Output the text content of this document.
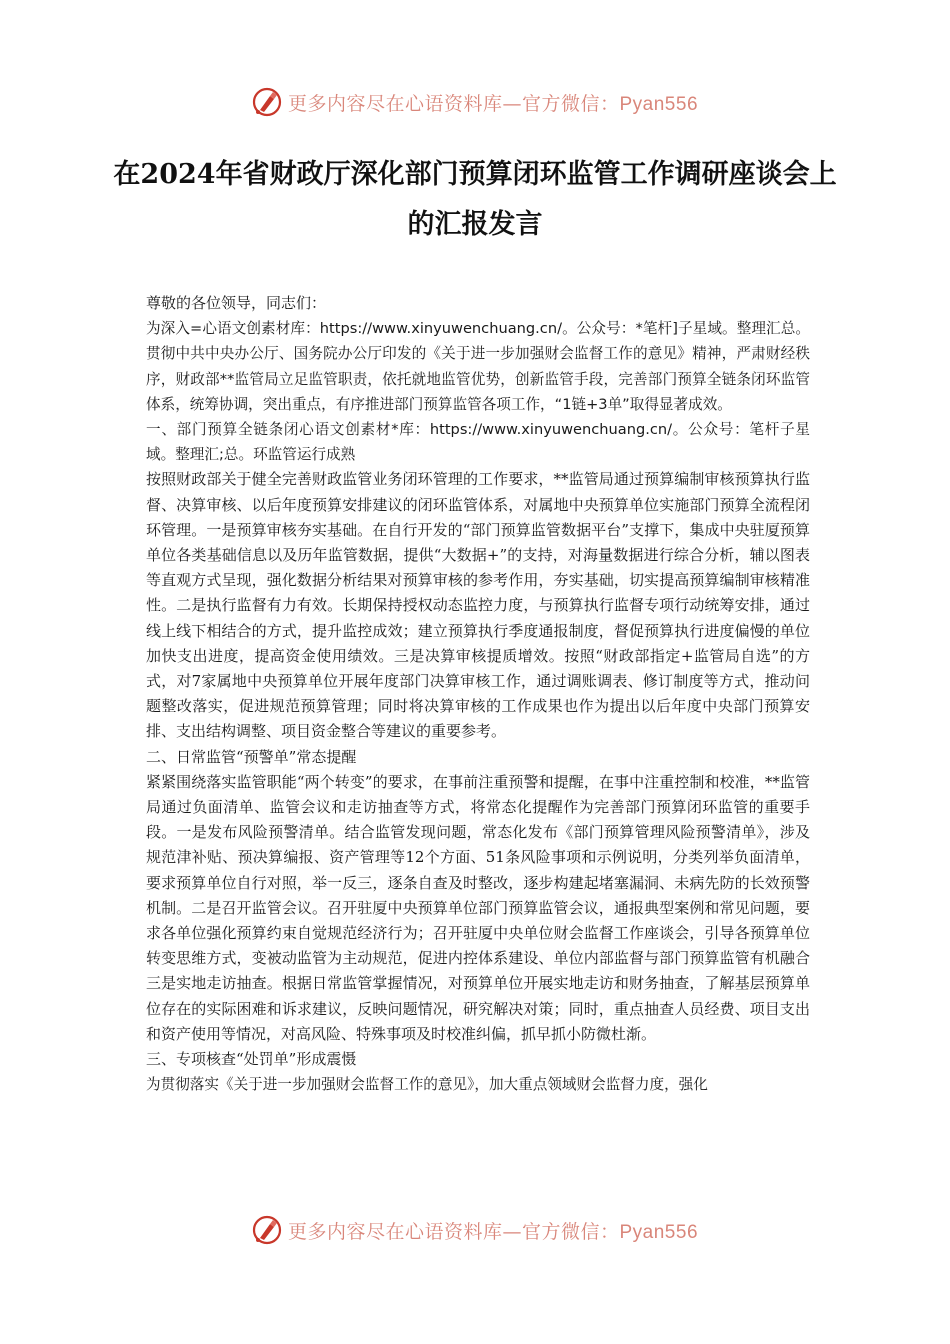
更多内容尽在心语资料库—官方微信：Pyan556
在2024年省财政厅深化部门预算闭环监管工作调研座谈会上的汇报发言

尊敬的各位领导，同志们：

为深入=心语文创素材库：https://www.xinyuwenchuang.cn/。公众号：*笔杆]子星域。整理汇总。贯彻中共中央办公厅、国务院办公厅印发的《关于进一步加强财会监督工作的意见》精神，严肃财经秩序，财政部**监管局立足监管职责，依托就地监管优势，创新监管手段，完善部门预算全链条闭环监管体系，统筹协调，突出重点，有序推进部门预算监管各项工作，“1链+3单”取得显著成效。

一、部门预算全链条闭心语文创素材*库：https://www.xinyuwenchuang.cn/。公众号：笔杆子星域。整理汇;总。环监管运行成熟

按照财政部关于健全完善财政监管业务闭环管理的工作要求，**监管局通过预算编制审核预算执行监督、决算审核、以后年度预算安排建议的闭环监管体系，对属地中央预算单位实施部门预算全流程闭环管理。一是预算审核夯实基础。在自行开发的“部门预算监管数据平台”支撑下，集成中央驻厦预算单位各类基础信息以及历年监管数据，提供“大数据+”的支持，对海量数据进行综合分析，辅以图表等直观方式呈现，强化数据分析结果对预算审核的参考作用，夯实基础，切实提高预算编制审核精准性。二是执行监督有力有效。长期保持授权动态监控力度，与预算执行监督专项行动统筹安排，通过线上线下相结合的方式，提升监控成效；建立预算执行季度通报制度，督促预算执行进度偏慢的单位加快支出进度，提高资金使用绩效。三是决算审核提质增效。按照“财政部指定+监管局自选”的方式，对7家属地中央预算单位开展年度部门决算审核工作，通过调账调表、修订制度等方式，推动问题整改落实，促进规范预算管理；同时将决算审核的工作成果也作为提出以后年度中央部门预算安排、支出结构调整、项目资金整合等建议的重要参考。

二、日常监管“预警单”常态提醒

紧紧围绕落实监管职能“两个转变”的要求，在事前注重预警和提醒，在事中注重控制和校准，**监管局通过负面清单、监管会议和走访抽查等方式，将常态化提醒作为完善部门预算闭环监管的重要手段。一是发布风险预警清单。结合监管发现问题，常态化发布《部门预算管理风险预警清单》，涉及规范津补贴、预决算编报、资产管理等12个方面、51条风险事项和示例说明，分类列举负面清单，要求预算单位自行对照，举一反三，逐条自查及时整改，逐步构建起堵塞漏洞、未病先防的长效预警机制。二是召开监管会议。召开驻厦中央预算单位部门预算监管会议，通报典型案例和常见问题，要求各单位强化预算约束自觉规范经济行为；召开驻厦中央单位财会监督工作座谈会，引导各预算单位转变思维方式，变被动监管为主动规范，促进内控体系建设、单位内部监督与部门预算监管有机融合三是实地走访抽查。根据日常监管掌握情况，对预算单位开展实地走访和财务抽查，了解基层预算单位存在的实际困难和诉求建议，反映问题情况，研究解决对策；同时，重点抽查人员经费、项目支出和资产使用等情况，对高风险、特殊事项及时校准纠偏，抓早抓小防微杜渐。

三、专项核查“处罚单”形成震慑

为贯彻落实《关于进一步加强财会监督工作的意见》，加大重点领域财会监督力度，强化

更多内容尽在心语资料库—官方微信：Pyan556
